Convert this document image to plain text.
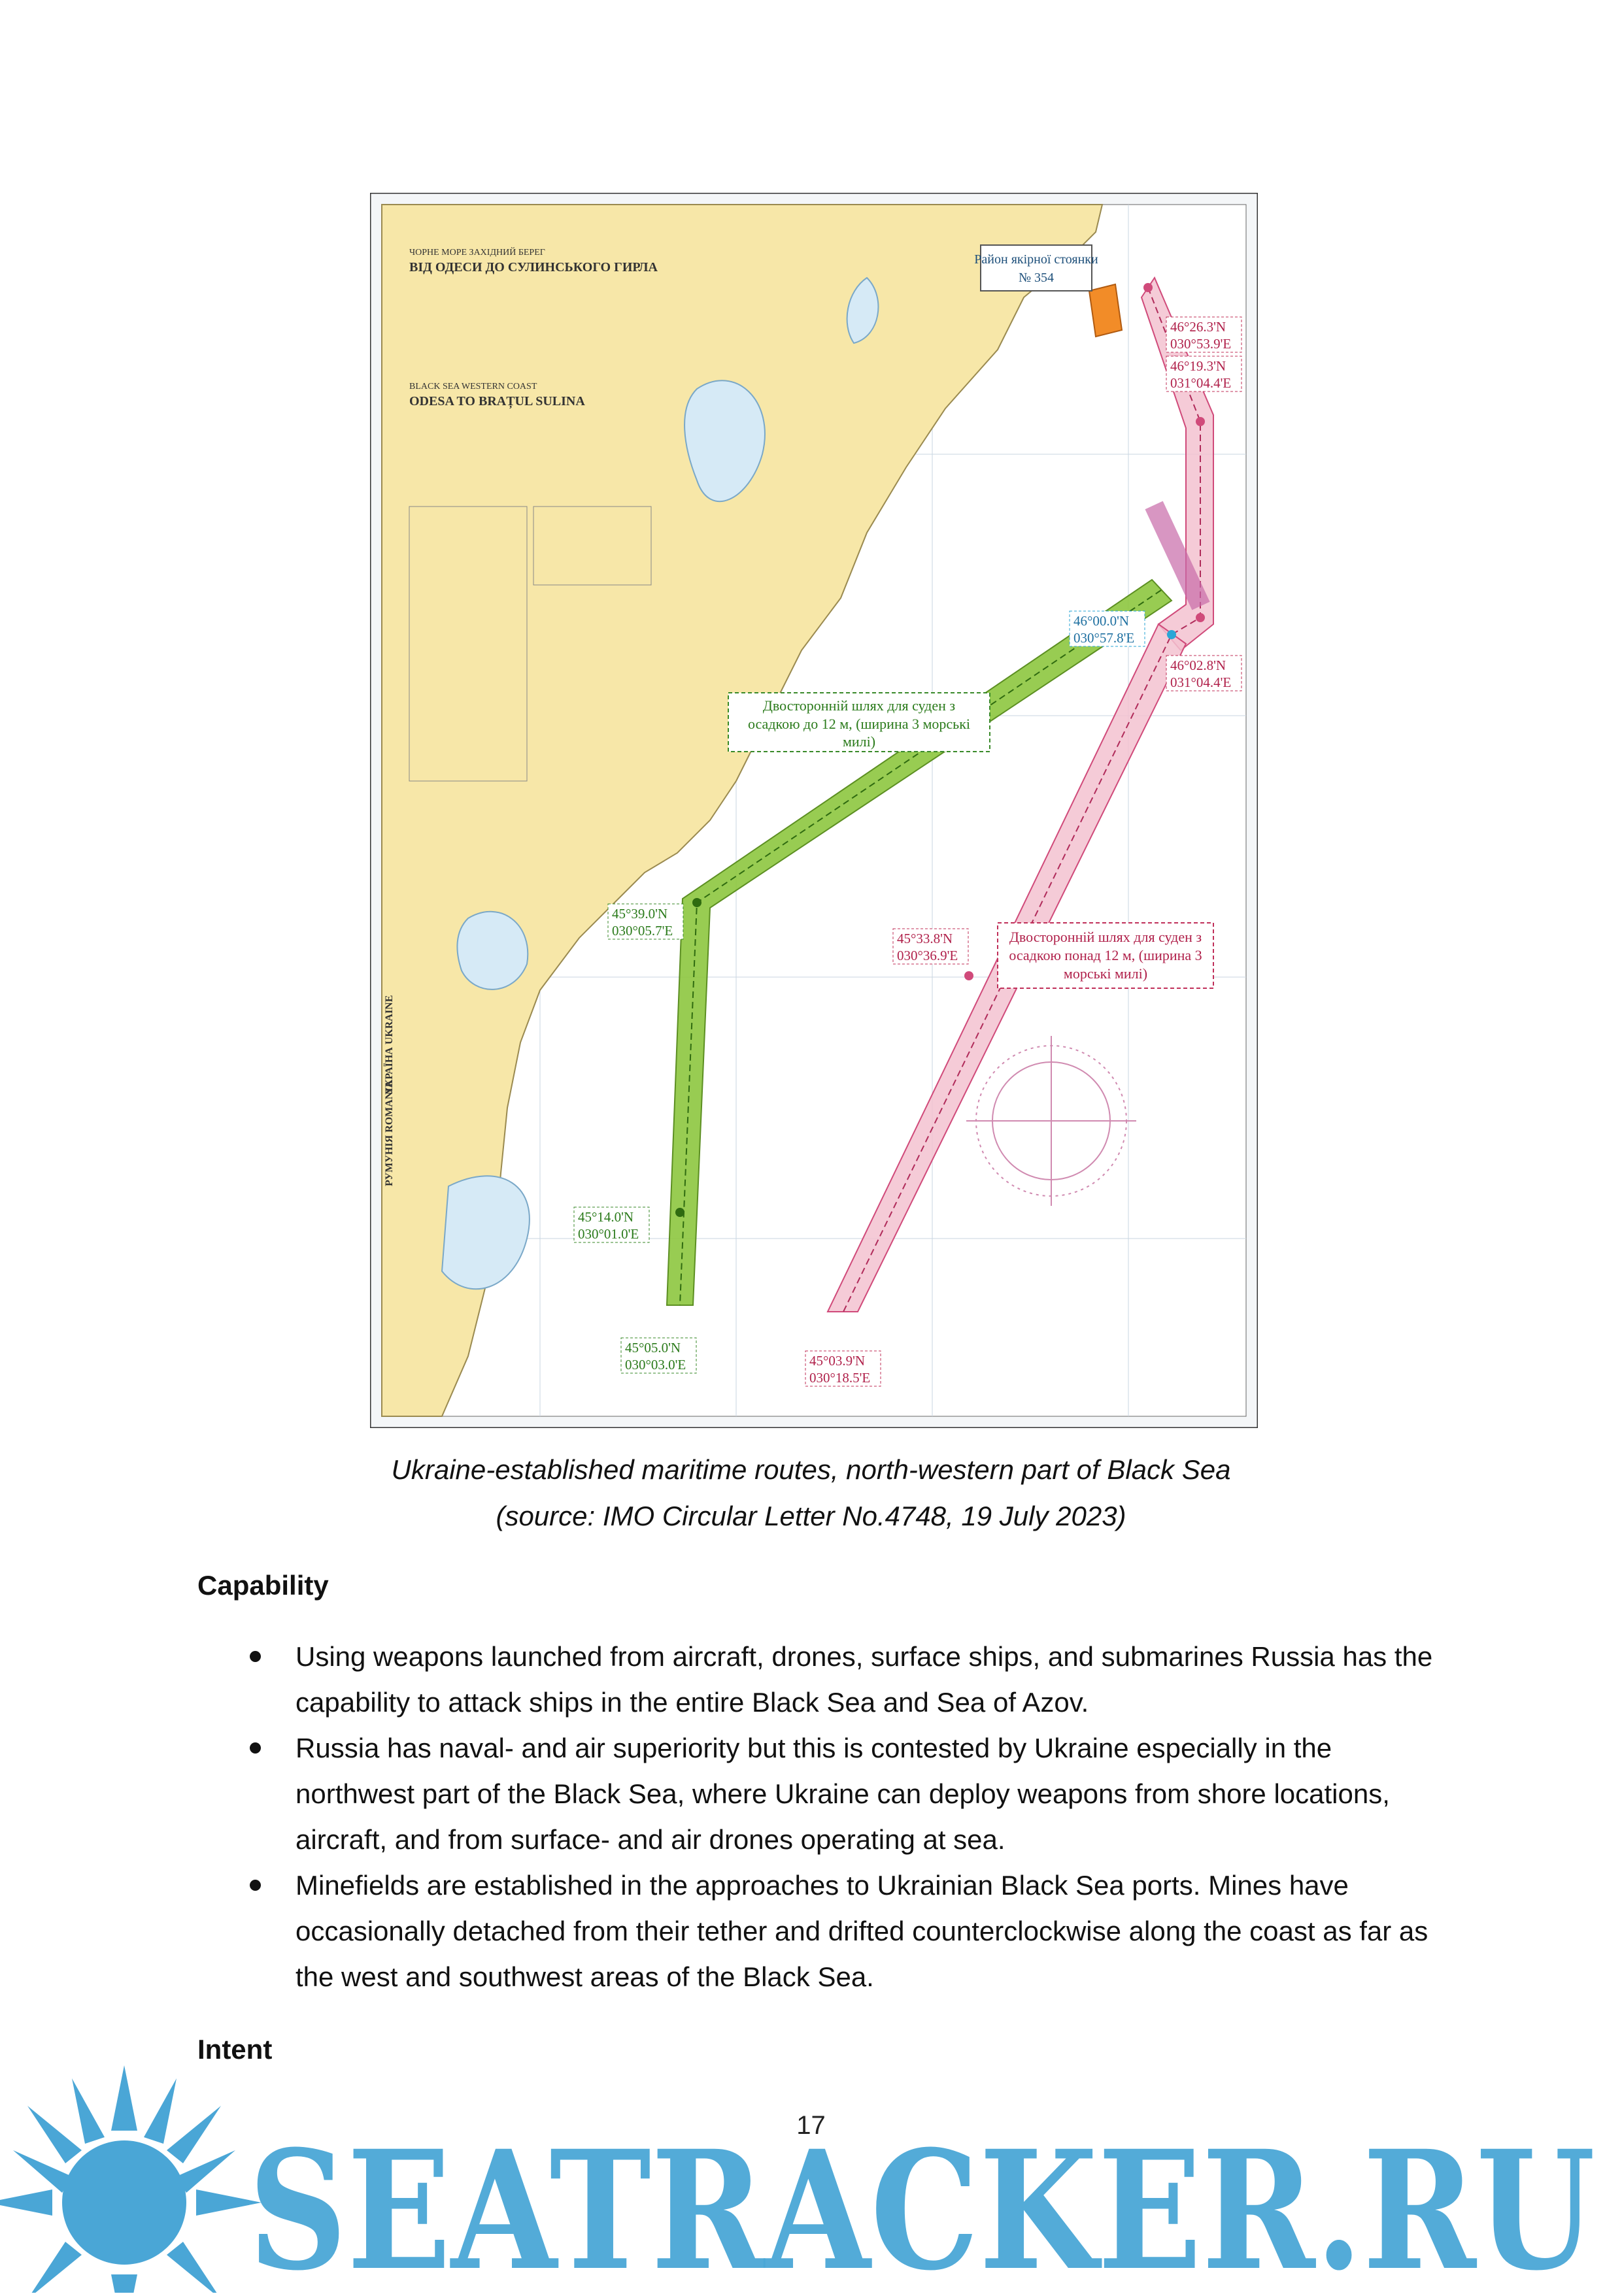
Район якірної стоянки
№ 354
ЧОРНЕ МОРЕ ЗАХІДНИЙ БЕРЕГ
ВІД ОДЕСИ ДО СУЛИНСЬКОГО ГИРЛА
BLACK SEA WESTERN COAST
ODESA TO BRAȚUL SULINA
Двосторонній шлях для суден з
осадкою до 12 м, (ширина 3 морські
милі)
Двосторонній шлях для суден з
осадкою понад 12 м, (ширина 3
морські милі)
46°26.3'N
030°53.9'E
46°19.3'N
031°04.4'E
46°00.0'N
030°57.8'E
46°02.8'N
031°04.4'E
45°39.0'N
030°05.7'E	45°33.8'N
030°36.9'E
45°14.0'N
030°01.0'E
45°05.0'N
030°03.0'E	45°03.9'N
030°18.5'E
УКРАЇНА UKRAINE
РУМУНІЯ ROMANIA
Ukraine-established maritime routes, north-western part of Black Sea
(source: IMO Circular Letter No.4748, 19 July 2023)
Capability
Using weapons launched from aircraft, drones, surface ships, and submarines Russia has the capability to attack ships in the entire Black Sea and Sea of Azov.
Russia has naval- and air superiority but this is contested by Ukraine especially in the northwest part of the Black Sea, where Ukraine can deploy weapons from shore locations, aircraft, and from surface- and air drones operating at sea.
Minefields are established in the approaches to Ukrainian Black Sea ports. Mines have occasionally detached from their tether and drifted counterclockwise along the coast as far as the west and southwest areas of the Black Sea.
Intent
SEATRACKER.RU
17
